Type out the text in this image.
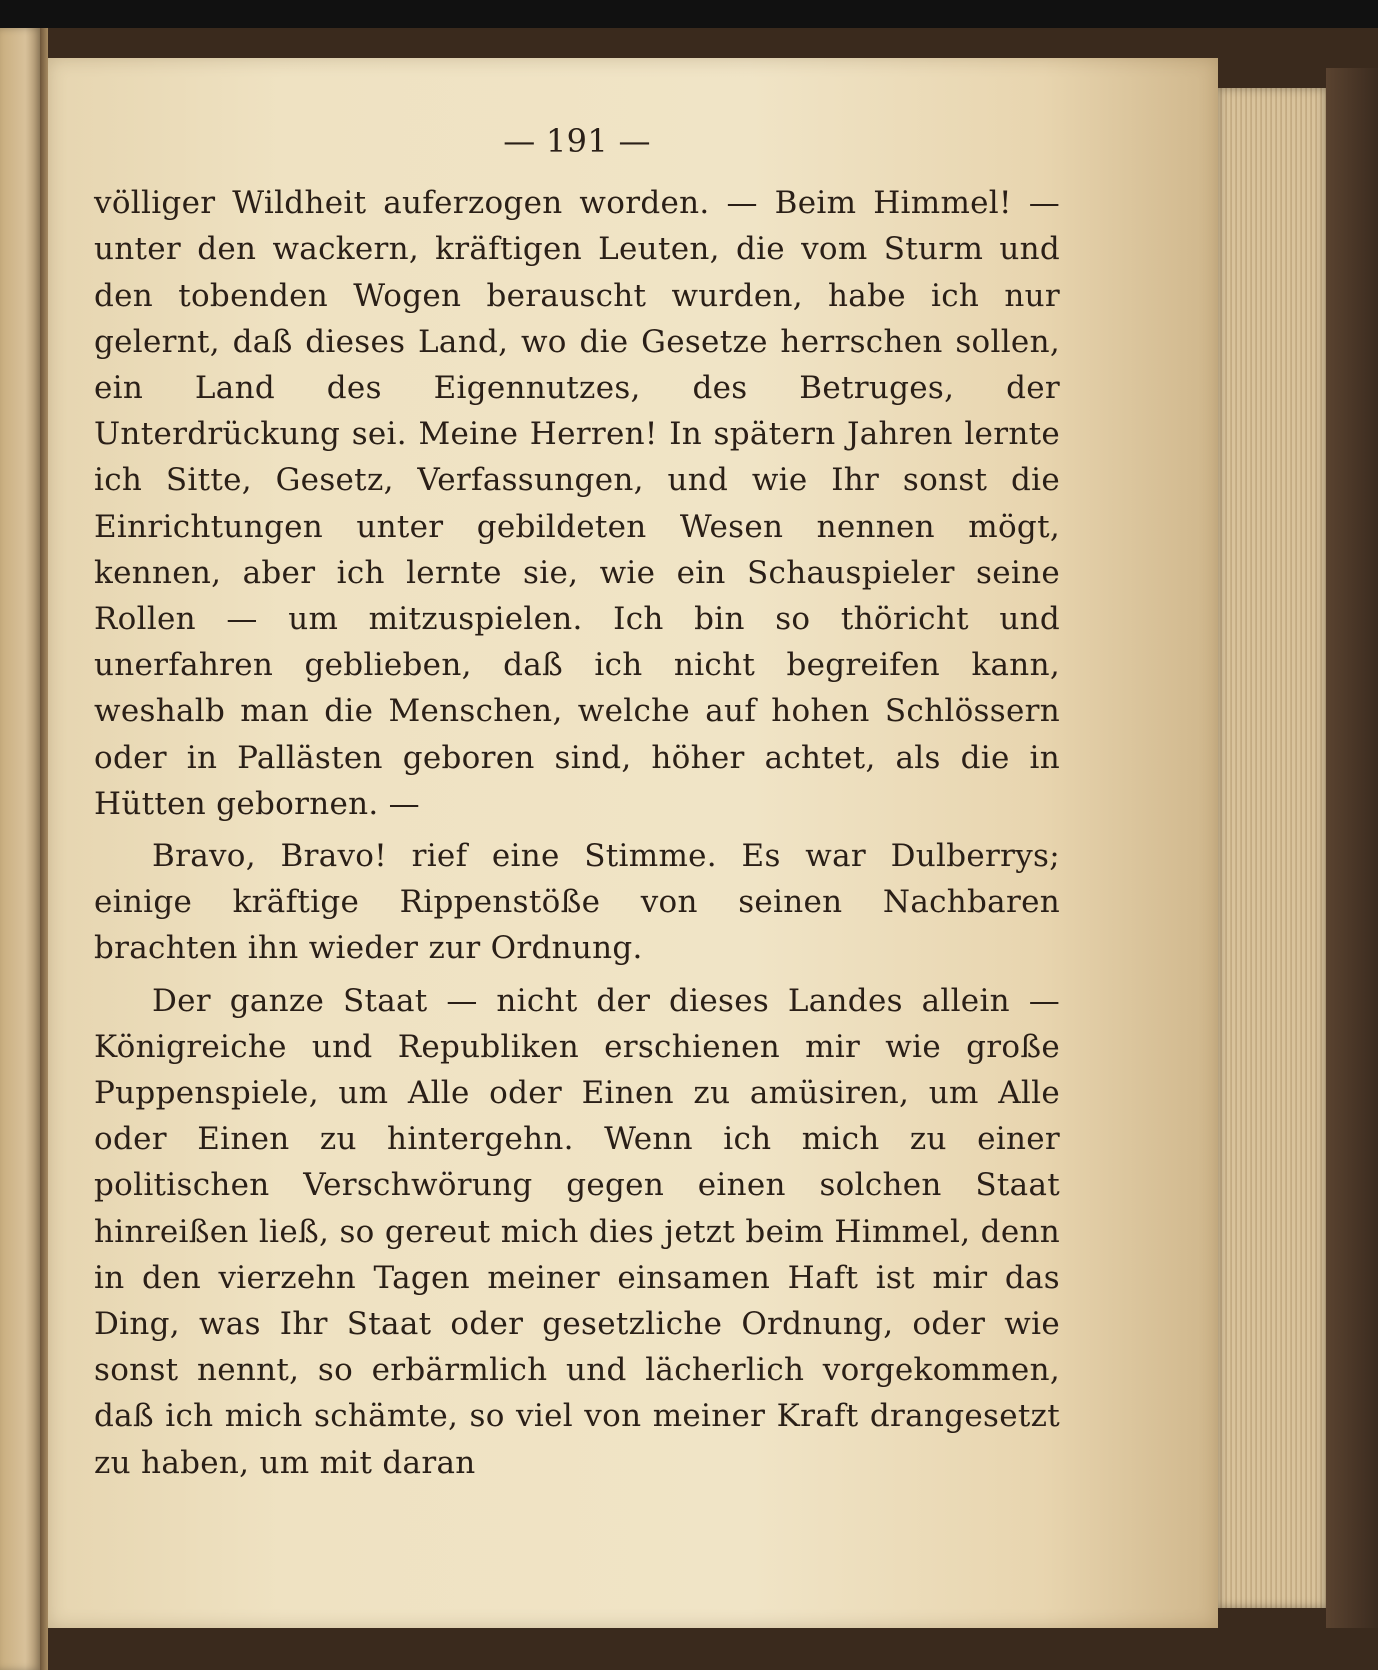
— 191 —

völliger Wildheit auferzogen worden. — Beim Himmel! — unter den wackern, kräftigen Leuten, die vom Sturm und den tobenden Wogen berauscht wurden, habe ich nur gelernt, daß dieses Land, wo die Gesetze herrschen sollen, ein Land des Eigennutzes, des Betruges, der Unterdrückung sei. Meine Herren! In spätern Jahren lernte ich Sitte, Gesetz, Verfassungen, und wie Ihr sonst die Einrichtungen unter gebildeten Wesen nennen mögt, kennen, aber ich lernte sie, wie ein Schauspieler seine Rollen — um mitzuspielen. Ich bin so thöricht und unerfahren geblieben, daß ich nicht begreifen kann, weshalb man die Menschen, welche auf hohen Schlössern oder in Pallästen geboren sind, höher achtet, als die in Hütten gebornen. —

Bravo, Bravo! rief eine Stimme. Es war Dulberrys; einige kräftige Rippenstöße von seinen Nachbaren brachten ihn wieder zur Ordnung.

Der ganze Staat — nicht der dieses Landes allein — Königreiche und Republiken erschienen mir wie große Puppenspiele, um Alle oder Einen zu amüsiren, um Alle oder Einen zu hintergehn. Wenn ich mich zu einer politischen Verschwörung gegen einen solchen Staat hinreißen ließ, so gereut mich dies jetzt beim Himmel, denn in den vierzehn Tagen meiner einsamen Haft ist mir das Ding, was Ihr Staat oder gesetzliche Ordnung, oder wie sonst nennt, so erbärmlich und lächerlich vorgekommen, daß ich mich schämte, so viel von meiner Kraft drangesetzt zu haben, um mit daran
